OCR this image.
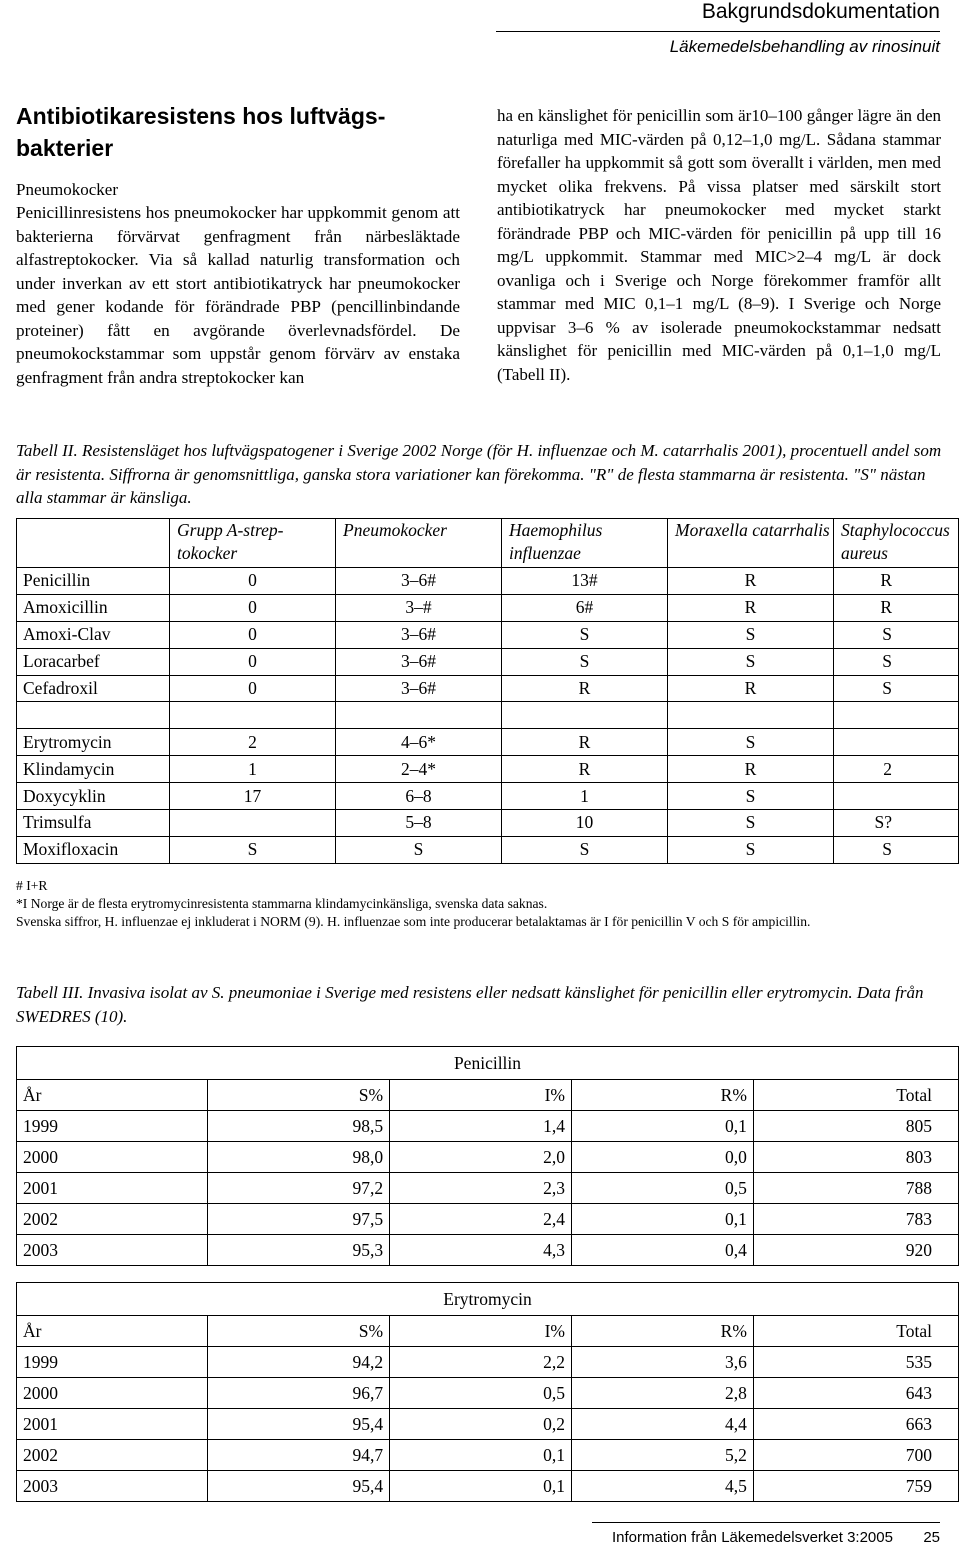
Bakgrundsdokumentation
Läkemedelsbehandling av rinosinuit
Antibiotikaresistens hos luftvägs-bakterier
Pneumokocker

Penicillinresistens hos pneumokocker har uppkommit genom att bakterierna förvärvat genfragment från närbesläktade alfastreptokocker. Via så kallad naturlig transformation och under inverkan av ett stort antibiotikatryck har pneumokocker med gener kodande för förändrade PBP (pencillinbindande proteiner) fått en avgörande överlevnadsfördel. De pneumokockstammar som uppstår genom förvärv av enstaka genfragment från andra streptokocker kan

ha en känslighet för penicillin som är10–100 gånger lägre än den naturliga med MIC-värden på 0,12–1,0 mg/L. Sådana stammar förefaller ha uppkommit så gott som överallt i världen, men med mycket olika frekvens. På vissa platser med särskilt stort antibiotikatryck har pneumokocker med mycket starkt förändrade PBP och MIC-värden för penicillin på upp till 16 mg/L uppkommit. Stammar med MIC>2–4 mg/L är dock ovanliga och i Sverige och Norge förekommer framför allt stammar med MIC 0,1–1 mg/L (8–9). I Sverige och Norge uppvisar 3–6 % av isolerade pneumokockstammar nedsatt känslighet för penicillin med MIC-värden på 0,1–1,0 mg/L (Tabell II).

Tabell II. Resistensläget hos luftvägspatogener i Sverige 2002 Norge (för H. influenzae och M. catarrhalis 2001), procentuell andel som är resistenta. Siffrorna är genomsnittliga, ganska stora variationer kan förekomma. "R" de flesta stammarna är resistenta. "S" nästan alla stammar är känsliga.

	Grupp A-strep-tokocker	Pneumokocker	Haemophilus influenzae	Moraxella catarrhalis	Staphylococcus aureus
Penicillin	0	3–6#	13#	R	R
Amoxicillin	0	3–#	6#	R	R
Amoxi-Clav	0	3–6#	S	S	S
Loracarbef	0	3–6#	S	S	S
Cefadroxil	0	3–6#	R	R	S

Erytromycin	2	4–6*	R	S	
Klindamycin	1	2–4*	R	R	2
Doxycyklin	17	6–8	1	S	
Trimsulfa		5–8	10	S	S?
Moxifloxacin	S	S	S	S	S
# I+R
*I Norge är de flesta erytromycinresistenta stammarna klindamycinkänsliga, svenska data saknas.
Svenska siffror, H. influenzae ej inkluderat i NORM (9). H. influenzae som inte producerar betalaktamas är I för penicillin V och S för ampicillin.

Tabell III. Invasiva isolat av S. pneumoniae i Sverige med resistens eller nedsatt känslighet för penicillin eller erytromycin. Data från SWEDRES (10).

Penicillin				
År	S%	I%	R%	Total
1999	98,5	1,4	0,1	805
2000	98,0	2,0	0,0	803
2001	97,2	2,3	0,5	788
2002	97,5	2,4	0,1	783
2003	95,3	4,3	0,4	920
Erytromycin				
År	S%	I%	R%	Total
1999	94,2	2,2	3,6	535
2000	96,7	0,5	2,8	643
2001	95,4	0,2	4,4	663
2002	94,7	0,1	5,2	700
2003	95,4	0,1	4,5	759
Information från Läkemedelsverket 3:2005 25
